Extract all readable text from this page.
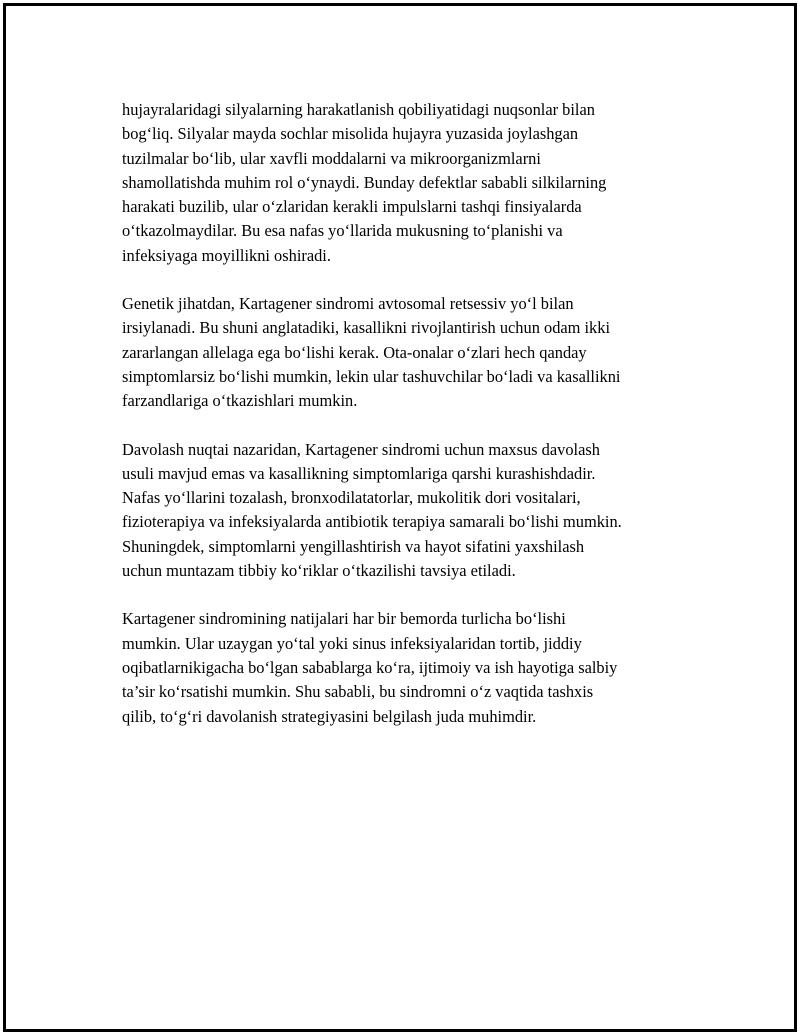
hujayralaridagi silyalarning harakatlanish qobiliyatidagi nuqsonlar bilan
bog‘liq. Silyalar mayda sochlar misolida hujayra yuzasida joylashgan
tuzilmalar bo‘lib, ular xavfli moddalarni va mikroorganizmlarni
shamollatishda muhim rol o‘ynaydi. Bunday defektlar sababli silkilarning
harakati buzilib, ular o‘zlaridan kerakli impulslarni tashqi finsiyalarda
o‘tkazolmaydilar. Bu esa nafas yo‘llarida mukusning to‘planishi va
infeksiyaga moyillikni oshiradi.

Genetik jihatdan, Kartagener sindromi avtosomal retsessiv yo‘l bilan
irsiylanadi. Bu shuni anglatadiki, kasallikni rivojlantirish uchun odam ikki
zararlangan allelaga ega bo‘lishi kerak. Ota-onalar o‘zlari hech qanday
simptomlarsiz bo‘lishi mumkin, lekin ular tashuvchilar bo‘ladi va kasallikni
farzandlariga o‘tkazishlari mumkin.

Davolash nuqtai nazaridan, Kartagener sindromi uchun maxsus davolash
usuli mavjud emas va kasallikning simptomlariga qarshi kurashishdadir.
Nafas yo‘llarini tozalash, bronxodilatatorlar, mukolitik dori vositalari,
fizioterapiya va infeksiyalarda antibiotik terapiya samarali bo‘lishi mumkin.
Shuningdek, simptomlarni yengillashtirish va hayot sifatini yaxshilash
uchun muntazam tibbiy ko‘riklar o‘tkazilishi tavsiya etiladi.

Kartagener sindromining natijalari har bir bemorda turlicha bo‘lishi
mumkin. Ular uzaygan yo‘tal yoki sinus infeksiyalaridan tortib, jiddiy
oqibatlarnikigacha bo‘lgan sabablarga ko‘ra, ijtimoiy va ish hayotiga salbiy
ta’sir ko‘rsatishi mumkin. Shu sababli, bu sindromni o‘z vaqtida tashxis
qilib, to‘g‘ri davolanish strategiyasini belgilash juda muhimdir.
